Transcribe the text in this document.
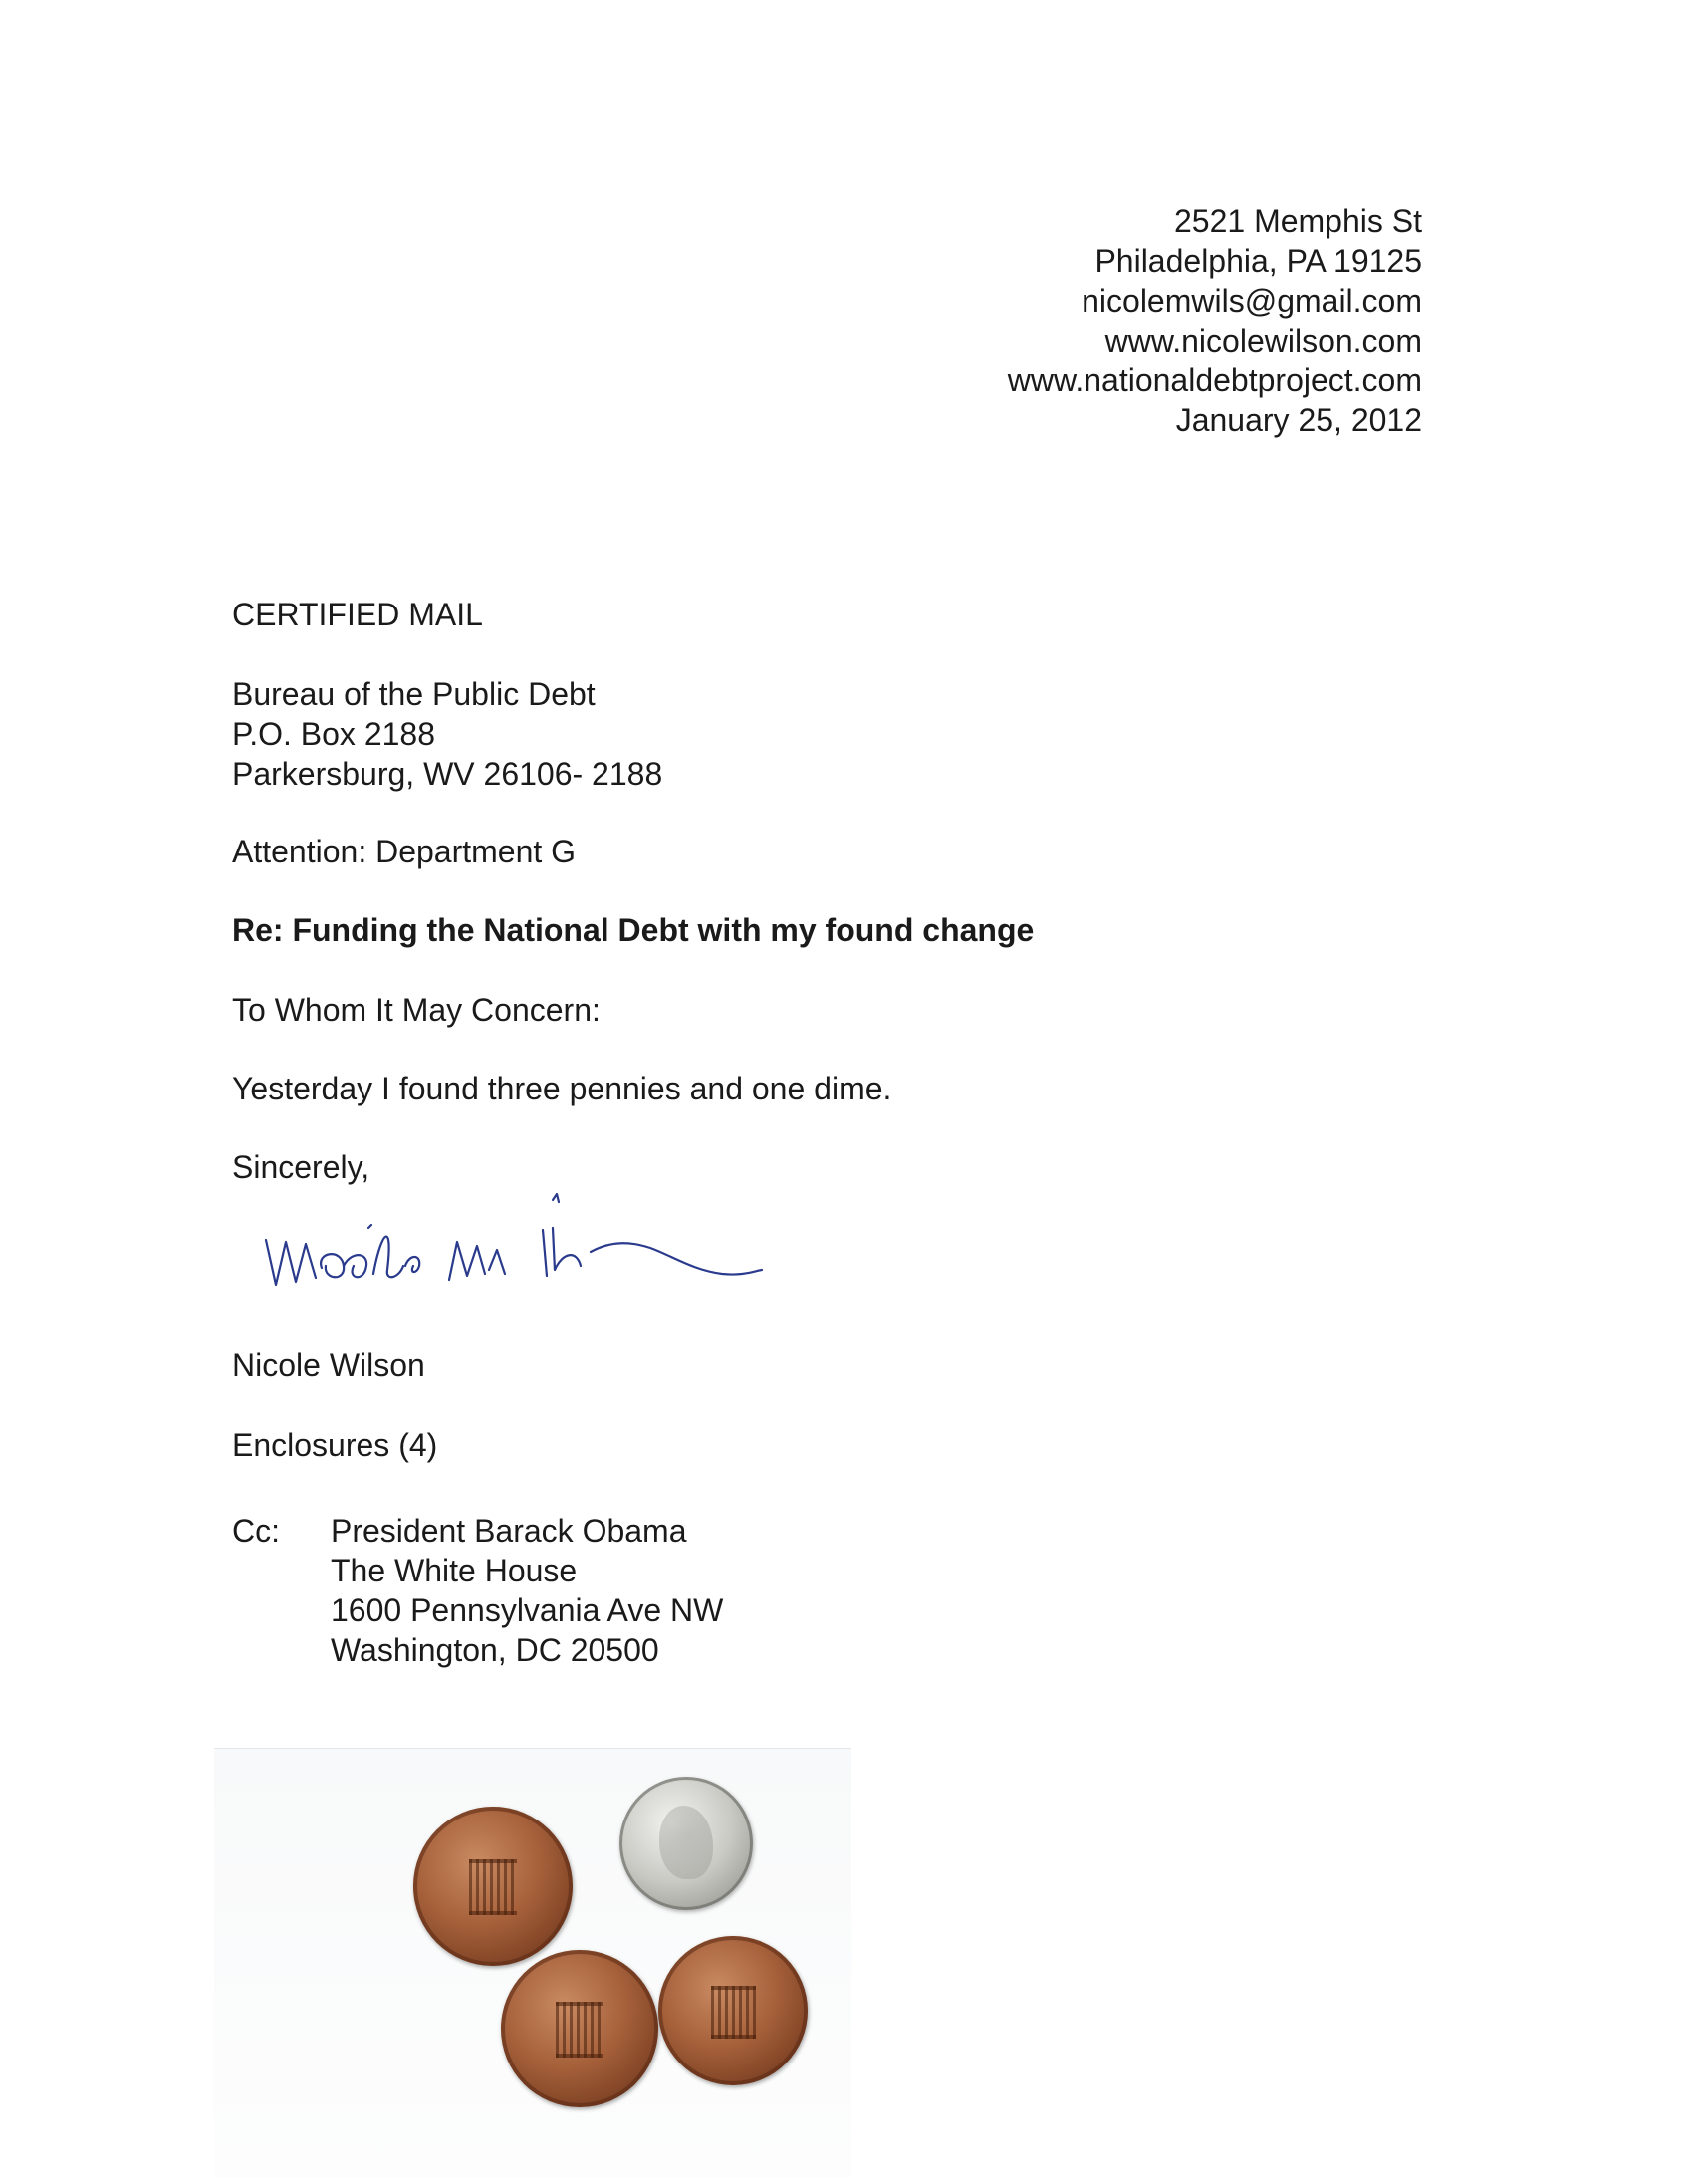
2521 Memphis St
Philadelphia, PA 19125
nicolemwils@gmail.com
www.nicolewilson.com
www.nationaldebtproject.com
January 25, 2012
CERTIFIED MAIL
Bureau of the Public Debt
P.O. Box 2188
Parkersburg, WV 26106- 2188
Attention: Department G
Re: Funding the National Debt with my found change
To Whom It May Concern:
Yesterday I found three pennies and one dime.
Sincerely,
Nicole Wilson
Enclosures (4)
Cc: President Barack Obama
The White House
1600 Pennsylvania Ave NW
Washington, DC 20500
